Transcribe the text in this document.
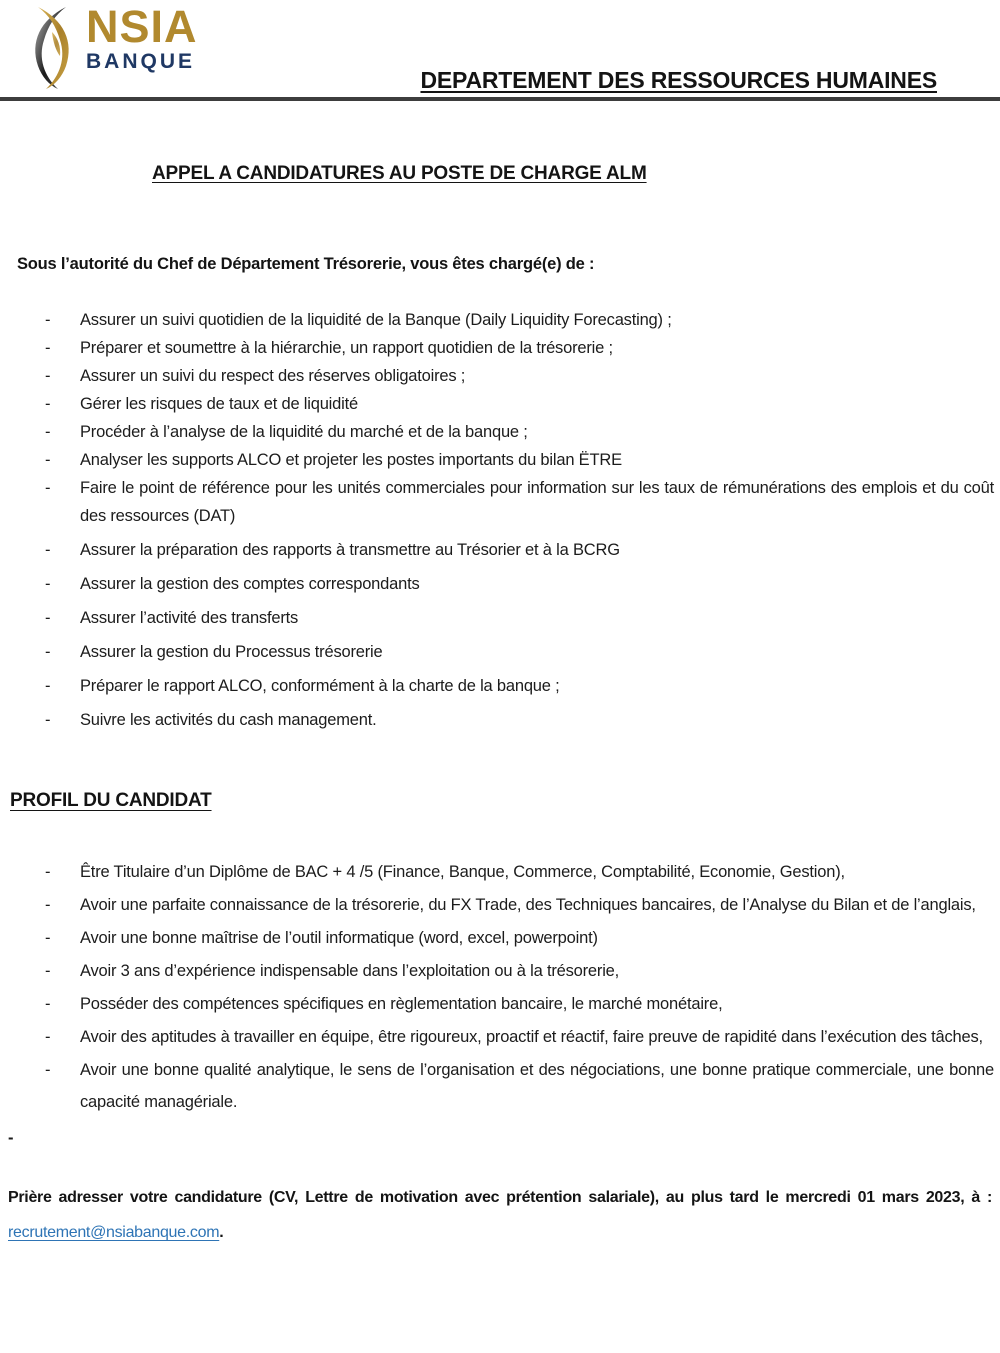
NSIA
BANQUE
DEPARTEMENT DES RESSOURCES HUMAINES
APPEL A CANDIDATURES AU POSTE DE CHARGE ALM
Sous l’autorité du Chef de Département Trésorerie, vous êtes chargé(e) de :
-	Assurer un suivi quotidien de la liquidité de la Banque (Daily Liquidity Forecasting) ;
-	Préparer et soumettre à la hiérarchie, un rapport quotidien de la trésorerie ;
-	Assurer un suivi du respect des réserves obligatoires ;
-	Gérer les risques de taux et de liquidité
-	Procéder à l’analyse de la liquidité du marché et de la banque ;
-	Analyser les supports ALCO et projeter les postes importants du bilan ËTRE
-	Faire le point de référence pour les unités commerciales pour information sur les taux de rémunérations des emplois et du coût des ressources (DAT)
-	Assurer la préparation des rapports à transmettre au Trésorier et à la BCRG
-	Assurer la gestion des comptes correspondants
-	Assurer l’activité des transferts
-	Assurer la gestion du Processus trésorerie
-	Préparer le rapport ALCO, conformément à la charte de la banque ;
-	Suivre les activités du cash management.
PROFIL DU CANDIDAT
-	Être Titulaire d’un Diplôme de BAC + 4 /5 (Finance, Banque, Commerce, Comptabilité, Economie, Gestion),
-	Avoir une parfaite connaissance de la trésorerie, du FX Trade, des Techniques bancaires, de l’Analyse du Bilan et de l’anglais,
-	Avoir une bonne maîtrise de l’outil informatique (word, excel, powerpoint)
-	Avoir 3 ans d’expérience indispensable dans l’exploitation ou à la trésorerie,
-	Posséder des compétences spécifiques en règlementation bancaire, le marché monétaire,
-	Avoir des aptitudes à travailler en équipe, être rigoureux, proactif et réactif, faire preuve de rapidité dans l’exécution des tâches,
-	Avoir une bonne qualité analytique, le sens de l’organisation et des négociations, une bonne pratique commerciale, une bonne capacité managériale.
-
Prière adresser votre candidature (CV, Lettre de motivation avec prétention salariale), au plus tard le mercredi 01 mars 2023, à : recrutement@nsiabanque.com.
